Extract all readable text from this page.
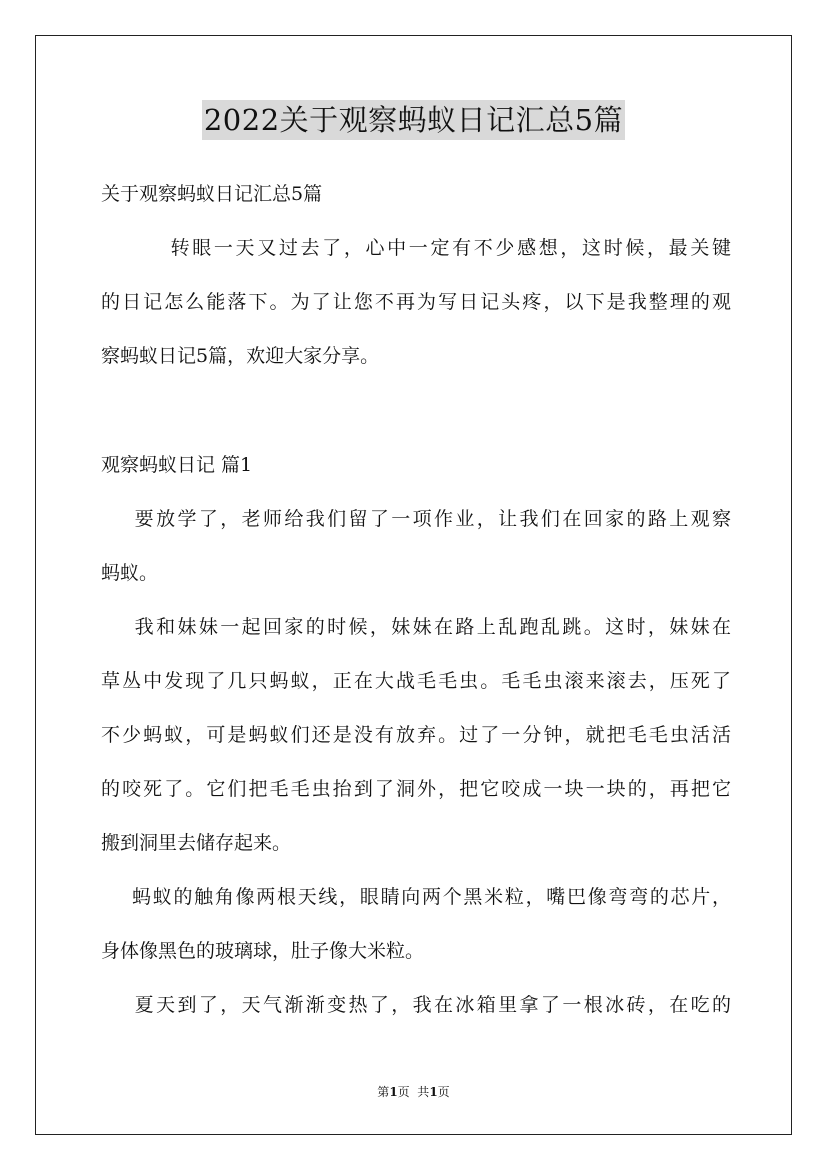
2022关于观察蚂蚁日记汇总5篇
关于观察蚂蚁日记汇总5篇
转眼一天又过去了，心中一定有不少感想，这时候，最关键
的日记怎么能落下。为了让您不再为写日记头疼，以下是我整理的观
察蚂蚁日记5篇，欢迎大家分享。
观察蚂蚁日记 篇1
要放学了，老师给我们留了一项作业，让我们在回家的路上观察
蚂蚁。
我和妹妹一起回家的时候，妹妹在路上乱跑乱跳。这时，妹妹在
草丛中发现了几只蚂蚁，正在大战毛毛虫。毛毛虫滚来滚去，压死了
不少蚂蚁，可是蚂蚁们还是没有放弃。过了一分钟，就把毛毛虫活活
的咬死了。它们把毛毛虫抬到了洞外，把它咬成一块一块的，再把它
搬到洞里去储存起来。
蚂蚁的触角像两根天线，眼睛向两个黑米粒，嘴巴像弯弯的芯片，
身体像黑色的玻璃球，肚子像大米粒。
夏天到了，天气渐渐变热了，我在冰箱里拿了一根冰砖，在吃的
第1页  共1页
